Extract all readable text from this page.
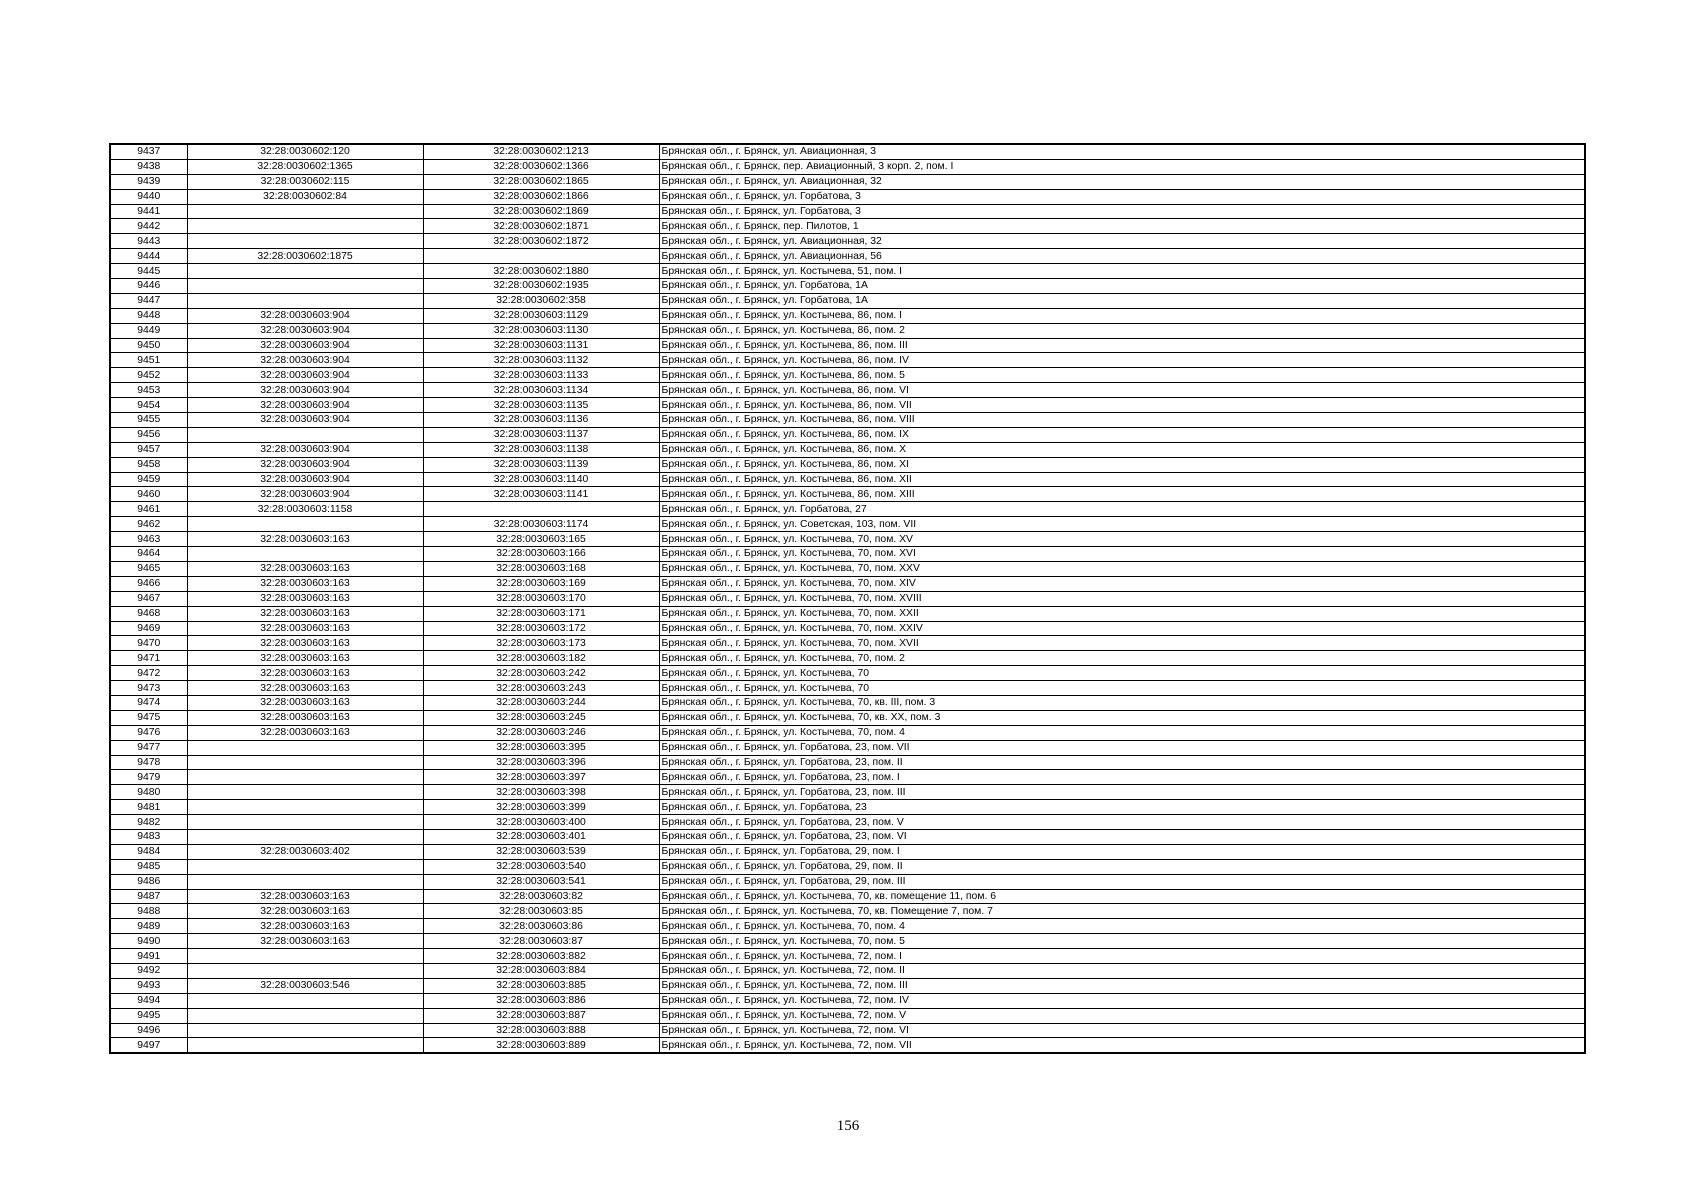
9437	32:28:0030602:120	32:28:0030602:1213	Брянская обл., г. Брянск, ул. Авиационная, 3
9438	32:28:0030602:1365	32:28:0030602:1366	Брянская обл., г. Брянск, пер. Авиационный, 3 корп. 2, пом. I
9439	32:28:0030602:115	32:28:0030602:1865	Брянская обл., г. Брянск, ул. Авиационная, 32
9440	32:28:0030602:84	32:28:0030602:1866	Брянская обл., г. Брянск, ул. Горбатова, 3
9441		32:28:0030602:1869	Брянская обл., г. Брянск, ул. Горбатова, 3
9442		32:28:0030602:1871	Брянская обл., г. Брянск, пер. Пилотов, 1
9443		32:28:0030602:1872	Брянская обл., г. Брянск, ул. Авиационная, 32
9444	32:28:0030602:1875		Брянская обл., г. Брянск, ул. Авиационная, 56
9445		32:28:0030602:1880	Брянская обл., г. Брянск, ул. Костычева, 51, пом. I
9446		32:28:0030602:1935	Брянская обл., г. Брянск, ул. Горбатова, 1А
9447		32:28:0030602:358	Брянская обл., г. Брянск, ул. Горбатова, 1А
9448	32:28:0030603:904	32:28:0030603:1129	Брянская обл., г. Брянск, ул. Костычева, 86, пом. I
9449	32:28:0030603:904	32:28:0030603:1130	Брянская обл., г. Брянск, ул. Костычева, 86, пом. 2
9450	32:28:0030603:904	32:28:0030603:1131	Брянская обл., г. Брянск, ул. Костычева, 86, пом. III
9451	32:28:0030603:904	32:28:0030603:1132	Брянская обл., г. Брянск, ул. Костычева, 86, пом. IV
9452	32:28:0030603:904	32:28:0030603:1133	Брянская обл., г. Брянск, ул. Костычева, 86, пом. 5
9453	32:28:0030603:904	32:28:0030603:1134	Брянская обл., г. Брянск, ул. Костычева, 86, пом. VI
9454	32:28:0030603:904	32:28:0030603:1135	Брянская обл., г. Брянск, ул. Костычева, 86, пом. VII
9455	32:28:0030603:904	32:28:0030603:1136	Брянская обл., г. Брянск, ул. Костычева, 86, пом. VIII
9456		32:28:0030603:1137	Брянская обл., г. Брянск, ул. Костычева, 86, пом. IX
9457	32:28:0030603:904	32:28:0030603:1138	Брянская обл., г. Брянск, ул. Костычева, 86, пом. X
9458	32:28:0030603:904	32:28:0030603:1139	Брянская обл., г. Брянск, ул. Костычева, 86, пом. XI
9459	32:28:0030603:904	32:28:0030603:1140	Брянская обл., г. Брянск, ул. Костычева, 86, пом. XII
9460	32:28:0030603:904	32:28:0030603:1141	Брянская обл., г. Брянск, ул. Костычева, 86, пом. XIII
9461	32:28:0030603:1158		Брянская обл., г. Брянск, ул. Горбатова, 27
9462		32:28:0030603:1174	Брянская обл., г. Брянск, ул. Советская, 103, пом. VII
9463	32:28:0030603:163	32:28:0030603:165	Брянская обл., г. Брянск, ул. Костычева, 70, пом. XV
9464		32:28:0030603:166	Брянская обл., г. Брянск, ул. Костычева, 70, пом. XVI
9465	32:28:0030603:163	32:28:0030603:168	Брянская обл., г. Брянск, ул. Костычева, 70, пом. XXV
9466	32:28:0030603:163	32:28:0030603:169	Брянская обл., г. Брянск, ул. Костычева, 70, пом. XIV
9467	32:28:0030603:163	32:28:0030603:170	Брянская обл., г. Брянск, ул. Костычева, 70, пом. XVIII
9468	32:28:0030603:163	32:28:0030603:171	Брянская обл., г. Брянск, ул. Костычева, 70, пом. XXII
9469	32:28:0030603:163	32:28:0030603:172	Брянская обл., г. Брянск, ул. Костычева, 70, пом. XXIV
9470	32:28:0030603:163	32:28:0030603:173	Брянская обл., г. Брянск, ул. Костычева, 70, пом. XVII
9471	32:28:0030603:163	32:28:0030603:182	Брянская обл., г. Брянск, ул. Костычева, 70, пом. 2
9472	32:28:0030603:163	32:28:0030603:242	Брянская обл., г. Брянск, ул. Костычева, 70
9473	32:28:0030603:163	32:28:0030603:243	Брянская обл., г. Брянск, ул. Костычева, 70
9474	32:28:0030603:163	32:28:0030603:244	Брянская обл., г. Брянск, ул. Костычева, 70, кв. III, пом. 3
9475	32:28:0030603:163	32:28:0030603:245	Брянская обл., г. Брянск, ул. Костычева, 70, кв. XX, пом. 3
9476	32:28:0030603:163	32:28:0030603:246	Брянская обл., г. Брянск, ул. Костычева, 70, пом. 4
9477		32:28:0030603:395	Брянская обл., г. Брянск, ул. Горбатова, 23, пом. VII
9478		32:28:0030603:396	Брянская обл., г. Брянск, ул. Горбатова, 23, пом. II
9479		32:28:0030603:397	Брянская обл., г. Брянск, ул. Горбатова, 23, пом. I
9480		32:28:0030603:398	Брянская обл., г. Брянск, ул. Горбатова, 23, пом. III
9481		32:28:0030603:399	Брянская обл., г. Брянск, ул. Горбатова, 23
9482		32:28:0030603:400	Брянская обл., г. Брянск, ул. Горбатова, 23, пом. V
9483		32:28:0030603:401	Брянская обл., г. Брянск, ул. Горбатова, 23, пом. VI
9484	32:28:0030603:402	32:28:0030603:539	Брянская обл., г. Брянск, ул. Горбатова, 29, пом. I
9485		32:28:0030603:540	Брянская обл., г. Брянск, ул. Горбатова, 29, пом. II
9486		32:28:0030603:541	Брянская обл., г. Брянск, ул. Горбатова, 29, пом. III
9487	32:28:0030603:163	32:28:0030603:82	Брянская обл., г. Брянск, ул. Костычева, 70, кв. помещение 11, пом. 6
9488	32:28:0030603:163	32:28:0030603:85	Брянская обл., г. Брянск, ул. Костычева, 70, кв. Помещение 7, пом. 7
9489	32:28:0030603:163	32:28:0030603:86	Брянская обл., г. Брянск, ул. Костычева, 70, пом. 4
9490	32:28:0030603:163	32:28:0030603:87	Брянская обл., г. Брянск, ул. Костычева, 70, пом. 5
9491		32:28:0030603:882	Брянская обл., г. Брянск, ул. Костычева, 72, пом. I
9492		32:28:0030603:884	Брянская обл., г. Брянск, ул. Костычева, 72, пом. II
9493	32:28:0030603:546	32:28:0030603:885	Брянская обл., г. Брянск, ул. Костычева, 72, пом. III
9494		32:28:0030603:886	Брянская обл., г. Брянск, ул. Костычева, 72, пом. IV
9495		32:28:0030603:887	Брянская обл., г. Брянск, ул. Костычева, 72, пом. V
9496		32:28:0030603:888	Брянская обл., г. Брянск, ул. Костычева, 72, пом. VI
9497		32:28:0030603:889	Брянская обл., г. Брянск, ул. Костычева, 72, пом. VII
156
